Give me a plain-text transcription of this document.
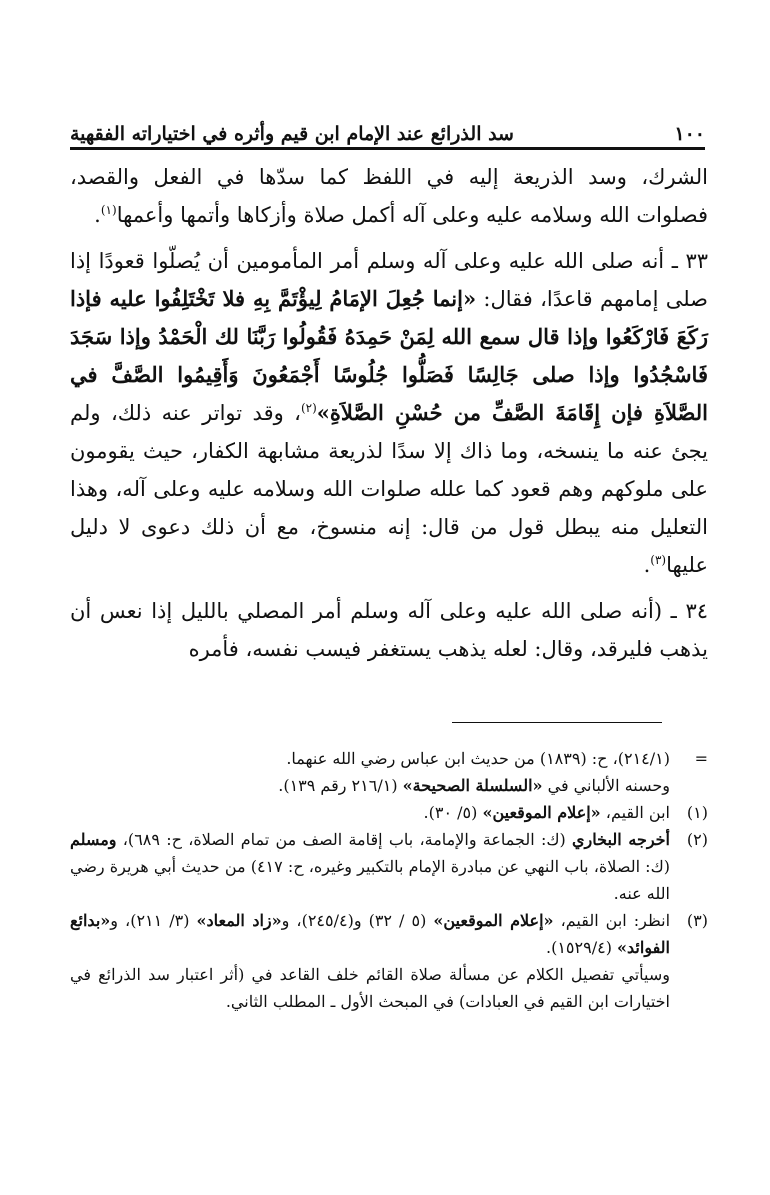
١٠٠
سد الذرائع عند الإمام ابن قيم وأثره في اختياراته الفقهية

الشرك، وسد الذريعة إليه في اللفظ كما سدّها في الفعل والقصد، فصلوات الله وسلامه عليه وعلى آله أكمل صلاة وأزكاها وأتمها وأعمها$^{(١)}$.

٣٣ ـ أنه صلى الله عليه وعلى آله وسلم أمر المأمومين أن يُصلّوا قعودًا إذا صلى إمامهم قاعدًا، فقال: «إنما جُعِلَ الإمَامُ لِيؤْتَمَّ بِهِ فلا تَخْتَلِفُوا عليه فإذا رَكَعَ فَارْكَعُوا وإذا قال سمع الله لِمَنْ حَمِدَهُ فَقُولُوا رَبَّنَا لك الْحَمْدُ وإذا سَجَدَ فَاسْجُدُوا وإذا صلى جَالِسًا فَصَلُّوا جُلُوسًا أَجْمَعُونَ وَأَقِيمُوا الصَّفَّ في الصَّلاَةِ فإن إِقَامَةَ الصَّفِّ من حُسْنِ الصَّلاَةِ»$^{(٢)}$، وقد تواتر عنه ذلك، ولم يجئ عنه ما ينسخه، وما ذاك إلا سدًا لذريعة مشابهة الكفار، حيث يقومون على ملوكهم وهم قعود كما علله صلوات الله وسلامه عليه وعلى آله، وهذا التعليل منه يبطل قول من قال: إنه منسوخ، مع أن ذلك دعوى لا دليل عليها$^{(٣)}$.

٣٤ ـ (أنه صلى الله عليه وعلى آله وسلم أمر المصلي بالليل إذا نعس أن يذهب فليرقد، وقال: لعله يذهب يستغفر فيسب نفسه، فأمره

=
(٢١٤/١)، ح: (١٨٣٩) من حديث ابن عباس رضي الله عنهما.
وحسنه الألباني في «السلسلة الصحيحة» (٢١٦/١ رقم ١٣٩).
(١)
ابن القيم، «إعلام الموقعين» (٥/ ٣٠).
(٢)
أخرجه البخاري (ك: الجماعة والإمامة، باب إقامة الصف من تمام الصلاة، ح: ٦٨٩)، ومسلم (ك: الصلاة، باب النهي عن مبادرة الإمام بالتكبير وغيره، ح: ٤١٧) من حديث أبي هريرة رضي الله عنه.
(٣)
انظر: ابن القيم، «إعلام الموقعين» (٥ / ٣٢) و(٢٤٥/٤)، و«زاد المعاد» (٣/ ٢١١)، و«بدائع الفوائد» (١٥٢٩/٤).
وسيأتي تفصيل الكلام عن مسألة صلاة القائم خلف القاعد في (أثر اعتبار سد الذرائع في اختيارات ابن القيم في العبادات) في المبحث الأول ـ المطلب الثاني.
